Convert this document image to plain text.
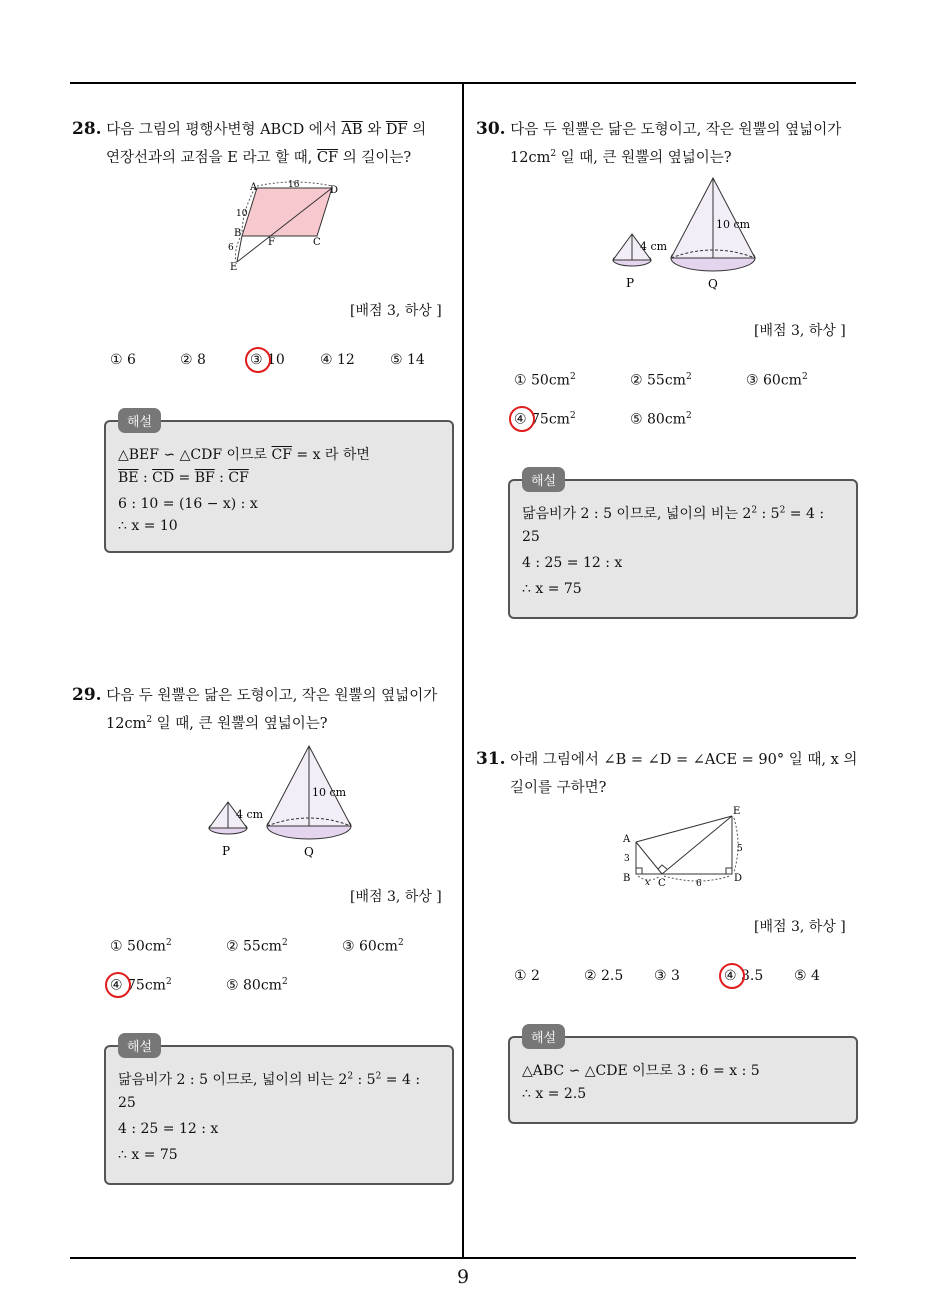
9
28. 다음 그림의 평행사변형 ABCD 에서 $\overline{AB}$ 와 $\overline{DF}$ 의
연장선과의 교점을 E 라고 할 때, $\overline{CF}$ 의 길이는?
A	D
B
C
F
E
16
10
6
[배점 3, 하상 ]
① 6	② 8	③ 10	④ 12	⑤ 14
△BEF ∽ △CDF 이므로 $\overline{CF} = x$ 라 하면
$\overline{BE}$ : $\overline{CD} = \overline{BF}$ : $\overline{CF}$
6 : 10 = (16 − x) : x
∴ x = 10
해설
29. 다음 두 원뿔은 닮은 도형이고, 작은 원뿔의 옆넓이가
$12cm^2$ 일 때, 큰 원뿔의 옆넓이는?
4 cm
10 cm
P	Q
[배점 3, 하상 ]
① $50cm^2$	② $55cm^2$	③ $60cm^2$
④ $75cm^2$	⑤ $80cm^2$
닮음비가 2 : 5 이므로, 넓이의 비는 $2^2$ : $5^2 = 4$ :
25
4 : 25 = 12 : x
∴ x = 75
해설
30. 다음 두 원뿔은 닮은 도형이고, 작은 원뿔의 옆넓이가
$12cm^2$ 일 때, 큰 원뿔의 옆넓이는?
4 cm
10 cm
P	Q
[배점 3, 하상 ]
① $50cm^2$	② $55cm^2$	③ $60cm^2$
④ $75cm^2$	⑤ $80cm^2$
닮음비가 2 : 5 이므로, 넓이의 비는 $2^2$ : $5^2 = 4$ :
25
4 : 25 = 12 : x
∴ x = 75
해설
31. 아래 그림에서 ∠B = ∠D = ∠ACE = 90° 일 때, x 의
길이를 구하면?
A
B	C	D
E
3
x	6
5
[배점 3, 하상 ]
① 2	② 2.5 ③ 3	④ 3.5 ⑤ 4
△ABC ∽ △CDE 이므로 3 : 6 = x : 5
∴ x = 2.5
해설
